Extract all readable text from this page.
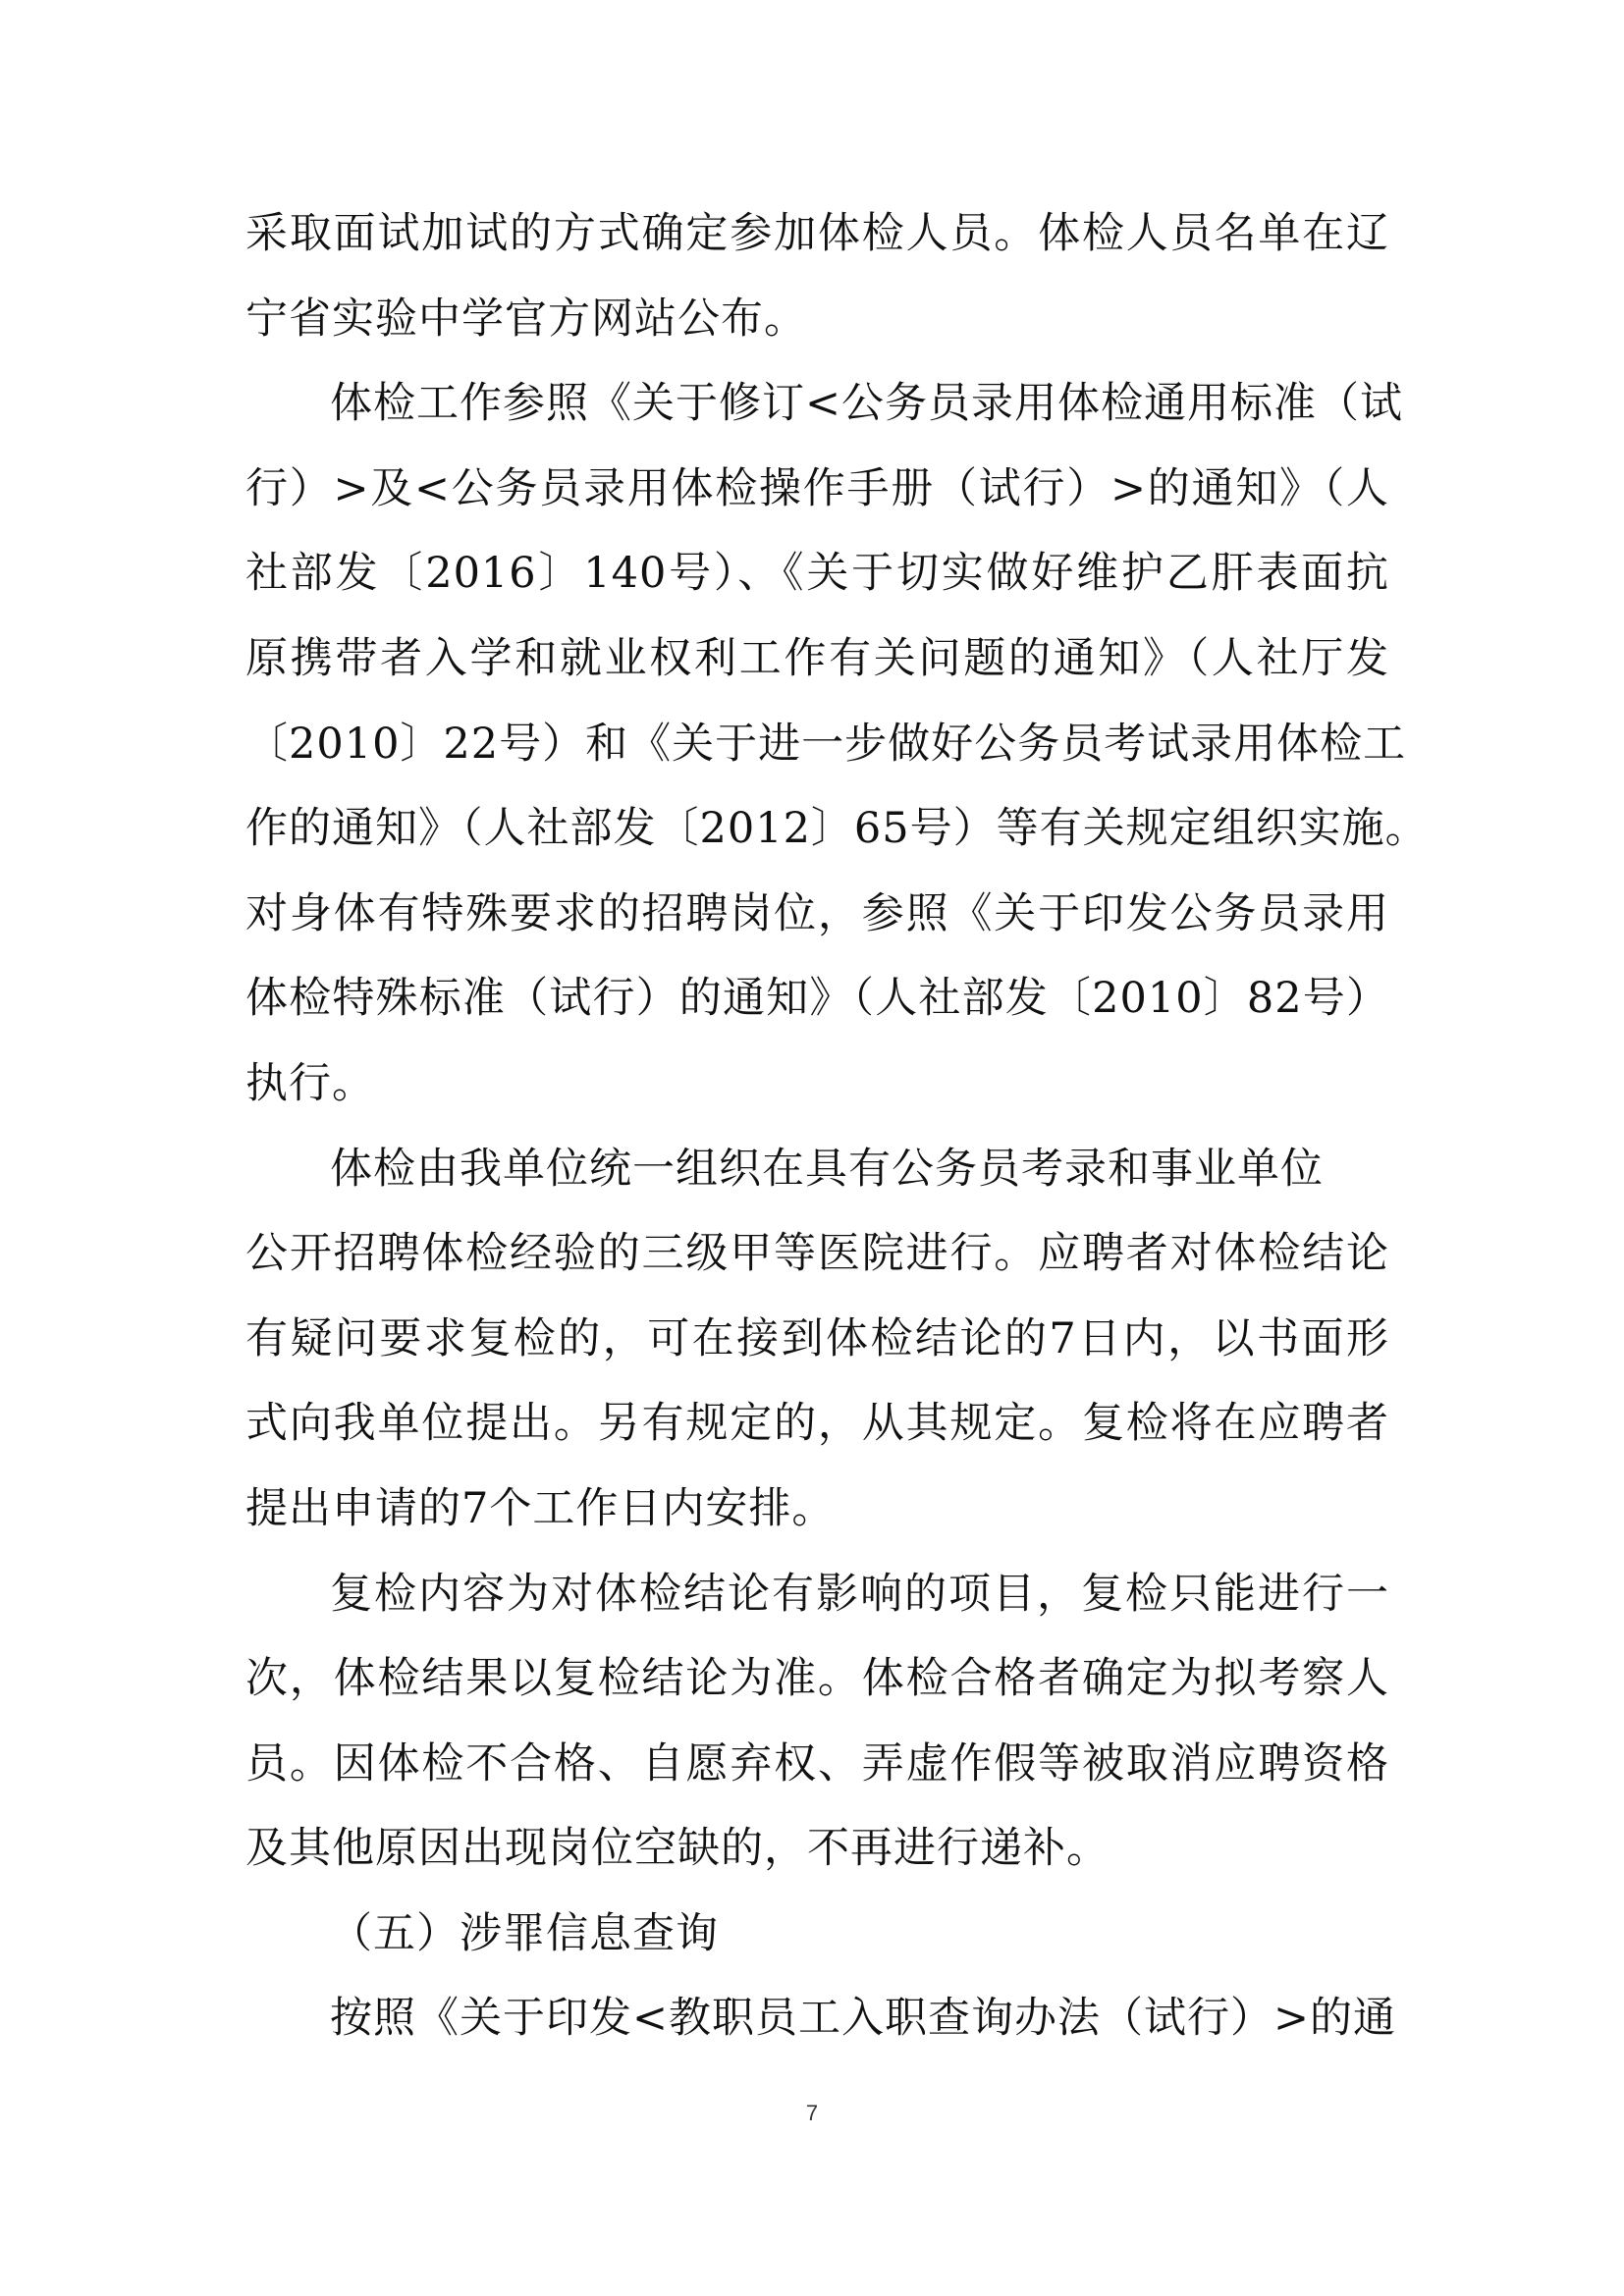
采取面试加试的方式确定参加体检人员。体检人员名单在辽
宁省实验中学官方网站公布。
体检工作参照《关于修订<公务员录用体检通用标准（试
行）>及<公务员录用体检操作手册（试行）>的通知》（人
社部发〔2016〕140号）、《关于切实做好维护乙肝表面抗
原携带者入学和就业权利工作有关问题的通知》（人社厅发
〔2010〕22号）和《关于进一步做好公务员考试录用体检工
作的通知》（人社部发〔2012〕65号）等有关规定组织实施。
对身体有特殊要求的招聘岗位，参照《关于印发公务员录用
体检特殊标准（试行）的通知》（人社部发〔2010〕82号）
执行。
体检由我单位统一组织在具有公务员考录和事业单位
公开招聘体检经验的三级甲等医院进行。应聘者对体检结论
有疑问要求复检的，可在接到体检结论的7日内，以书面形
式向我单位提出。另有规定的，从其规定。复检将在应聘者
提出申请的7个工作日内安排。
复检内容为对体检结论有影响的项目，复检只能进行一
次，体检结果以复检结论为准。体检合格者确定为拟考察人
员。因体检不合格、自愿弃权、弄虚作假等被取消应聘资格
及其他原因出现岗位空缺的，不再进行递补。
（五）涉罪信息查询
按照《关于印发<教职员工入职查询办法（试行）>的通
7
